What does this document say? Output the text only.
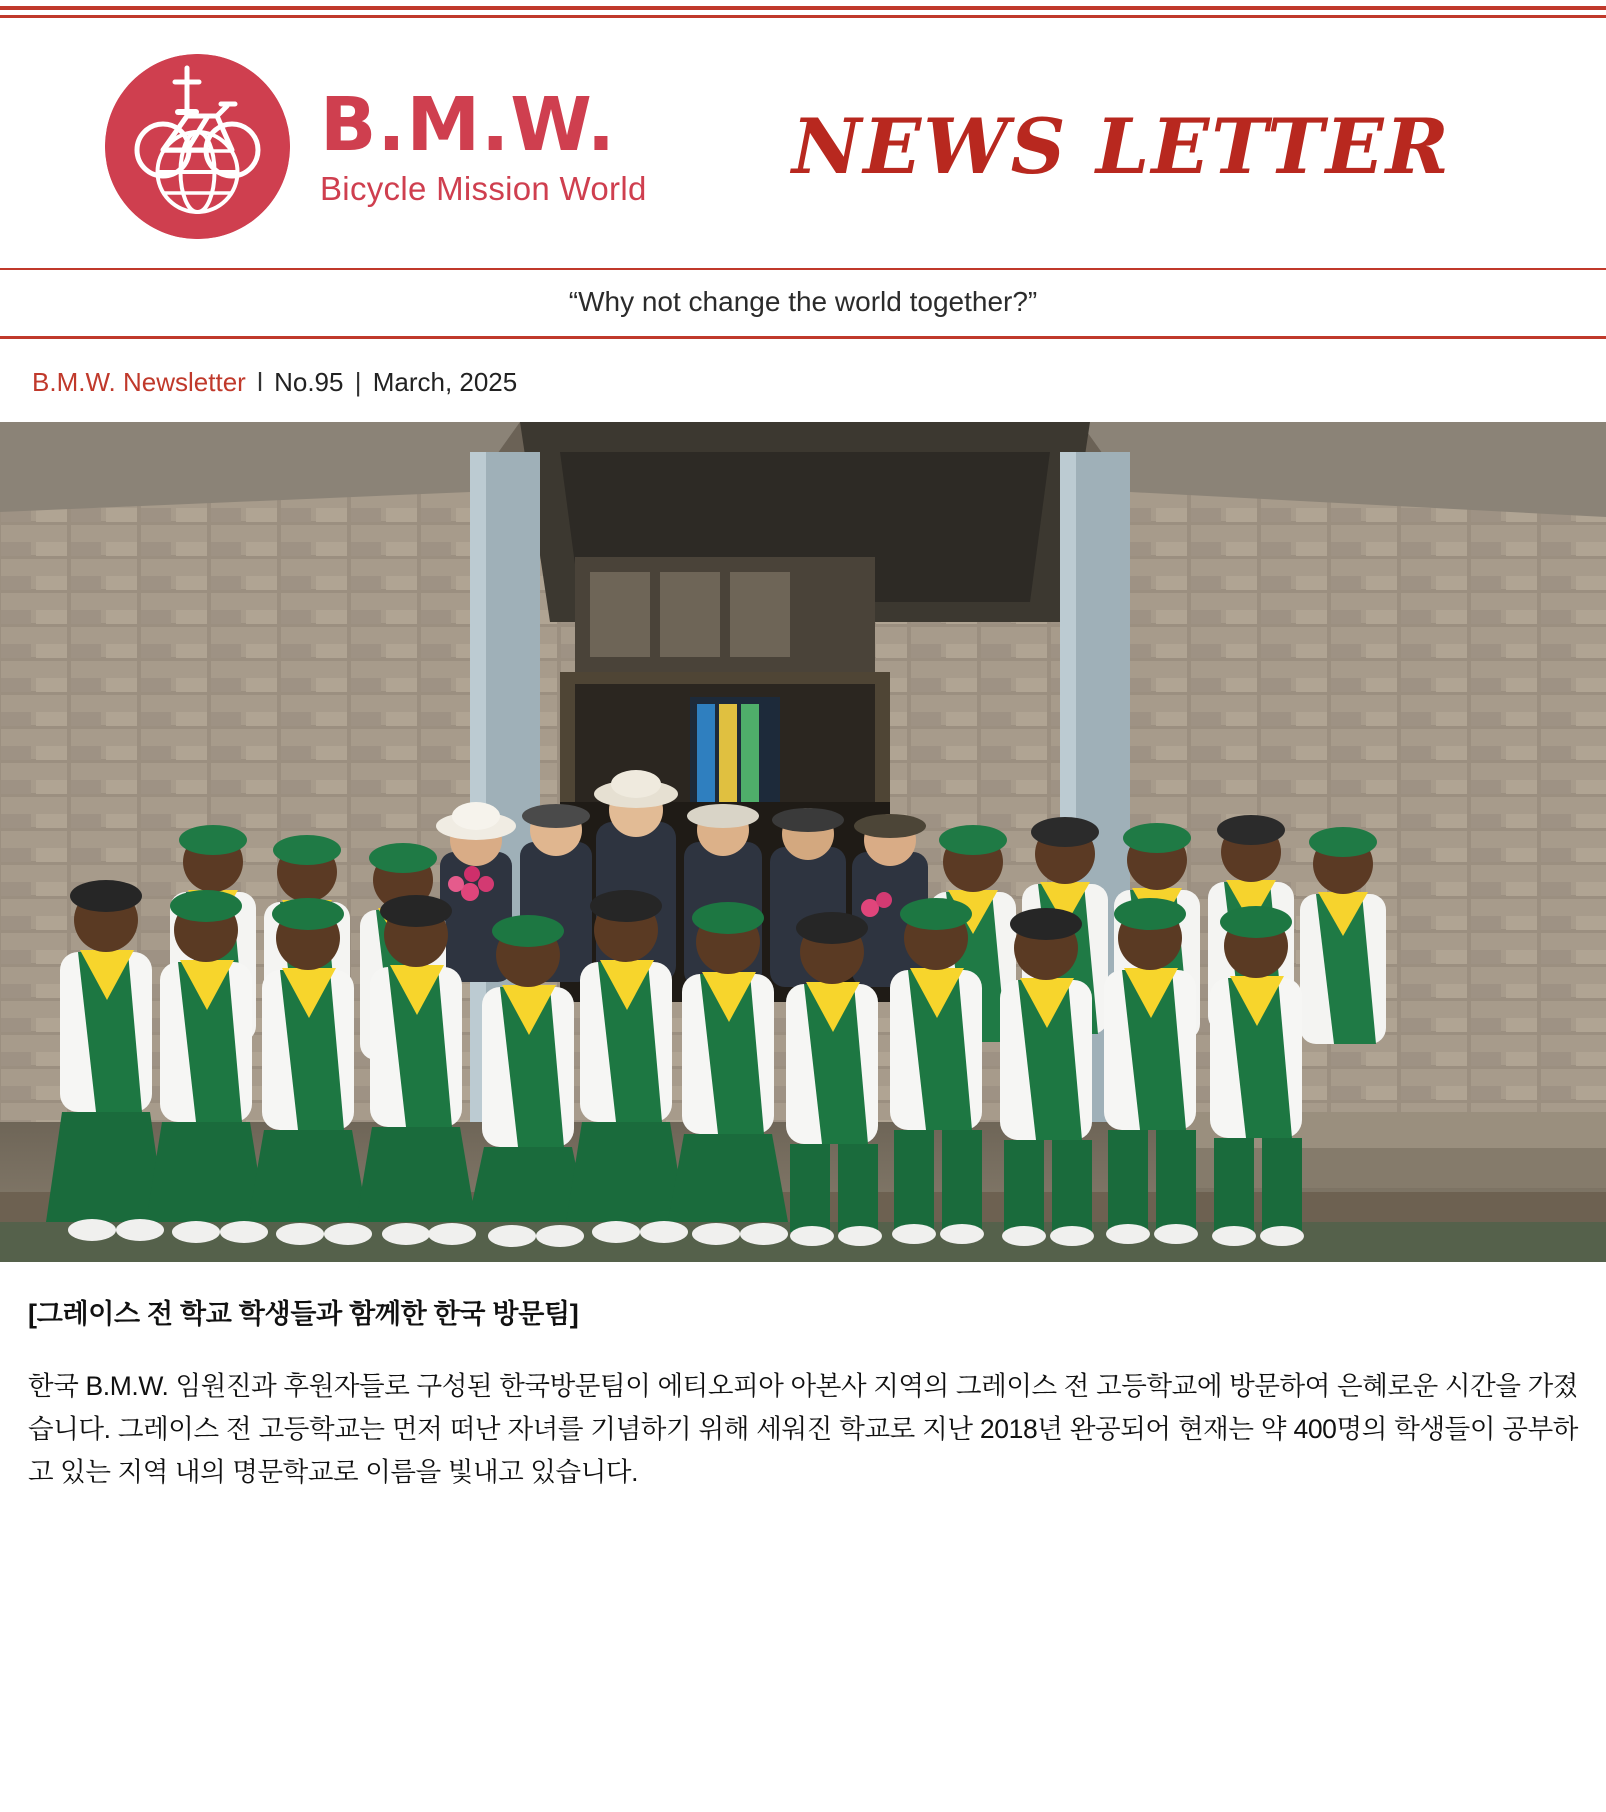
B.M.W.
Bicycle Mission World	NEWS LETTER
“Why not change the world together?”
B.M.W. Newsletter l No.95 | March, 2025
[그레이스 전 학교 학생들과 함께한 한국 방문팀]

한국 B.M.W. 임원진과 후원자들로 구성된 한국방문팀이 에티오피아 아본사 지역의 그레이스 전 고등학교에 방문하여 은혜로운 시간을 가졌습니다. 그레이스 전 고등학교는 먼저 떠난 자녀를 기념하기 위해 세워진 학교로 지난 2018년 완공되어 현재는 약 400명의 학생들이 공부하고 있는 지역 내의 명문학교로 이름을 빛내고 있습니다.
